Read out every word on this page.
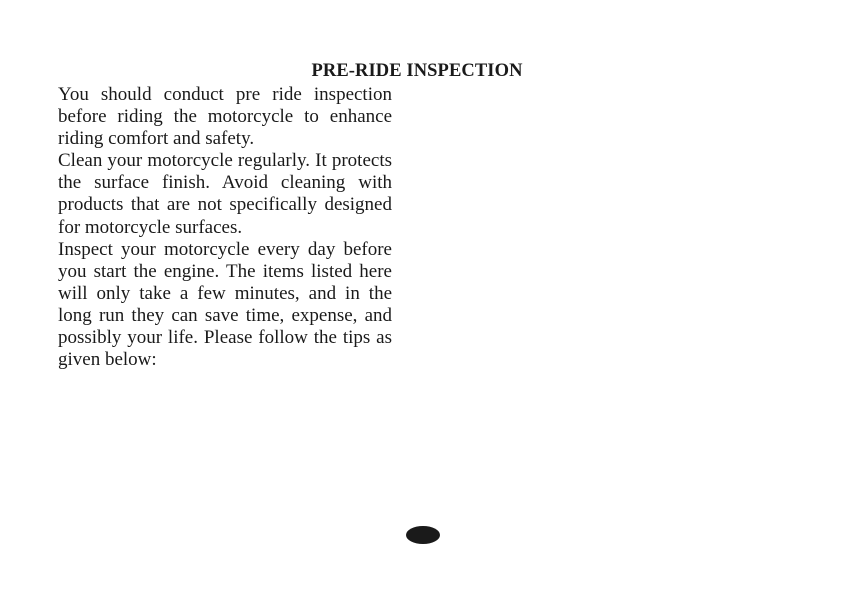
PRE-RIDE INSPECTION

You should conduct pre ride inspection before riding the motorcycle to enhance riding comfort and safety.

Clean your motorcycle regularly. It protects the surface finish. Avoid cleaning with products that are not specifically designed for motorcycle surfaces.

Inspect your motorcycle every day before you start the engine. The items listed here will only take a few minutes, and in the long run they can save time, expense, and possibly your life. Please follow the tips as given below:
